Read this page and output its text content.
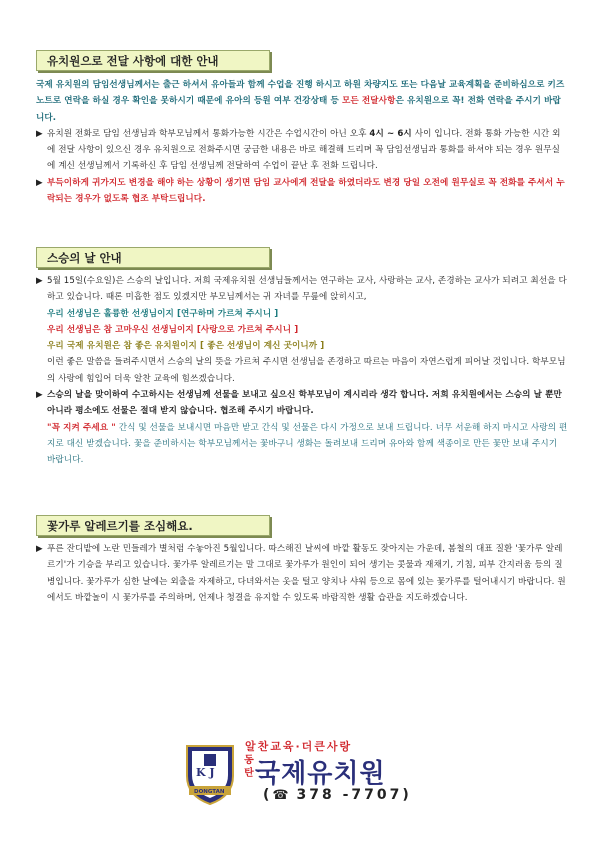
유치원으로 전달 사항에 대한 안내

국제 유치원의 담임선생님께서는 출근 하셔서 유아들과 함께 수업을 진행 하시고 하원 차량지도 또는 다음날 교육계획을 준비하심으로 키즈노트로 연락을 하실 경우 확인을 못하시기 때문에 유아의 등원 여부 건강상태 등 모든 전달사항은 유치원으로 꼭! 전화 연락을 주시기 바랍니다.

▶ 유치원 전화로 담임 선생님과 학부모님께서 통화가능한 시간은 수업시간이 아닌 오후 4시 ~ 6시 사이 입니다. 전화 통화 가능한 시간 외에 전달 사항이 있으신 경우 유치원으로 전화주시면 궁금한 내용은 바로 해결해 드리며 꼭 담임선생님과 통화를 하셔야 되는 경우 원무실에 계신 선생님께서 기록하신 후 담임 선생님께 전달하여 수업이 끝난 후 전화 드립니다.

▶ 부득이하게 귀가지도 변경을 해야 하는 상황이 생기면 담임 교사에게 전달을 하였더라도 변경 당일 오전에 원무실로 꼭 전화를 주셔서 누락되는 경우가 없도록 협조 부탁드립니다.

스승의 날 안내

▶ 5월 15일(수요일)은 스승의 날입니다. 저희 국제유치원 선생님들께서는 연구하는 교사, 사랑하는 교사, 존경하는 교사가 되려고 최선을 다하고 있습니다. 때론 미흡한 점도 있겠지만 부모님께서는 귀 자녀를 무릎에 앉히시고,

우리 선생님은 훌륭한 선생님이지 [연구하며 가르쳐 주시니 ]

우리 선생님은 참 고마우신 선생님이지 [사랑으로 가르쳐 주시니 ]

우리 국제 유치원은 참 좋은 유치원이지 [ 좋은 선생님이 계신 곳이니까 ]

이런 좋은 말씀을 들려주시면서 스승의 날의 뜻을 가르쳐 주시면 선생님을 존경하고 따르는 마음이 자연스럽게 피어날 것입니다. 학부모님의 사랑에 힘입어 더욱 알찬 교육에 힘쓰겠습니다.

▶ 스승의 날을 맞이하여 수고하시는 선생님께 선물을 보내고 싶으신 학부모님이 계시리라 생각 합니다. 저희 유치원에서는 스승의 날 뿐만 아니라 평소에도 선물은 절대 받지 않습니다. 협조해 주시기 바랍니다.

"꼭 지켜 주세요 " 간식 및 선물을 보내시면 마음만 받고 간식 및 선물은 다시 가정으로 보내 드립니다. 너무 서운해 하지 마시고 사랑의 편지로 대신 받겠습니다. 꽃을 준비하시는 학부모님께서는 꽃바구니 생화는 돌려보내 드리며 유아와 함께 색종이로 만든 꽃만 보내 주시기 바랍니다.

꽃가루 알레르기를 조심해요.

▶ 푸른 잔디밭에 노란 민들레가 별처럼 수놓아진 5월입니다. 따스해진 날씨에 바깥 활동도 잦아지는 가운데, 봄철의 대표 질환 '꽃가루 알레르기'가 기승을 부리고 있습니다. 꽃가루 알레르기는 말 그대로 꽃가루가 원인이 되어 생기는 콧물과 재채기, 기침, 피부 간지러움 등의 질병입니다. 꽃가루가 심한 날에는 외출을 자제하고, 다녀와서는 옷을 털고 양치나 샤워 등으로 몸에 있는 꽃가루를 털어내시기 바랍니다. 원에서도 바깥놀이 시 꽃가루를 주의하며, 언제나 청결을 유지할 수 있도록 바람직한 생활 습관을 지도하겠습니다.

K J
DONGTAN
알찬교육·더큰사랑
동탄 국제유치원
(☎ 378 -7707)
